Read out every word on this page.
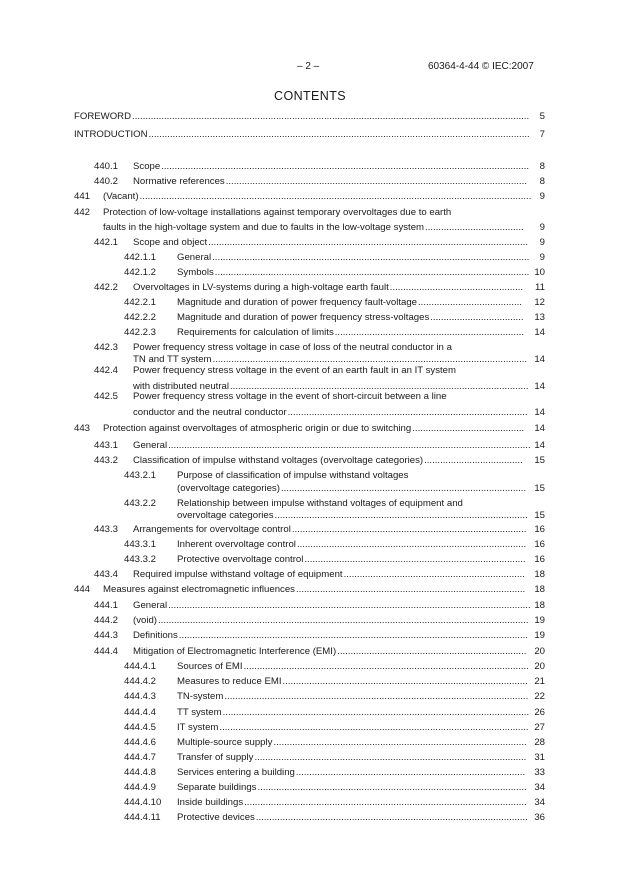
– 2 –	60364-4-44 © IEC:2007
CONTENTS
FOREWORD	5
.....................................................................................................................................................
INTRODUCTION	7
...............................................................................................................................................
440.1 Scope	8
..........................................................................................................................................
440.2 Normative references	8
.................................................................................................................
441 (Vacant)	9
...................................................................................................................................................
442 Protection of low-voltage installations against temporary overvoltages due to earth
faults in the high-voltage system and due to faults in the low-voltage system	9
.....................................
442.1 Scope and object	9
........................................................................................................................
442.1.1 General	9
.......................................................................................................................
442.1.2 Symbols	10
......................................................................................................................
442.2 Overvoltages in LV-systems during a high-voltage earth fault	11
..................................................
442.2.1 Magnitude and duration of power frequency fault-voltage	12
.......................................
442.2.2 Magnitude and duration of power frequency stress-voltages	13
...................................
442.2.3 Requirements for calculation of limits	14
.......................................................................
442.3 Power frequency stress voltage in case of loss of the neutral conductor in a
TN and TT system	14
......................................................................................................................
442.4 Power frequency stress voltage in the event of an earth fault in an IT system
with distributed neutral	14
................................................................................................................
442.5 Power frequency stress voltage in the event of short-circuit between a line
conductor and the neutral conductor	14
..........................................................................................
443 Protection against overvoltages of atmospheric origin or due to switching	14
..........................................
443.1 General	14
........................................................................................................................................
443.2 Classification of impulse withstand voltages (overvoltage categories)	15
.....................................
443.2.1 Purpose of classification of impulse withstand voltages
(overvoltage categories)	15
............................................................................................
443.2.2 Relationship between impulse withstand voltages of equipment and
overvoltage categories	15
...............................................................................................
443.3 Arrangements for overvoltage control	16
........................................................................................
443.3.1 Inherent overvoltage control	16
......................................................................................
443.3.2 Protective overvoltage control	16
...................................................................................
443.4 Required impulse withstand voltage of equipment	18
....................................................................
444 Measures against electromagnetic influences	18
......................................................................................
444.1 General	18
........................................................................................................................................
444.2 (void)	19
...........................................................................................................................................
444.3 Definitions	19
...................................................................................................................................
444.4 Mitigation of Electromagnetic Interference (EMI)	20
.......................................................................
444.4.1 Sources of EMI	20
...........................................................................................................
444.4.2 Measures to reduce EMI	21
............................................................................................
444.4.3 TN-system	22
..................................................................................................................
444.4.4 TT system	26
...................................................................................................................
444.4.5 IT system	27
....................................................................................................................
444.4.6 Multiple-source supply	28
...............................................................................................
444.4.7 Transfer of supply	31
......................................................................................................
444.4.8 Services entering a building	33
......................................................................................
444.4.9 Separate buildings	34
.....................................................................................................
444.4.10 Inside buildings	34
..........................................................................................................
444.4.11 Protective devices	36
......................................................................................................
